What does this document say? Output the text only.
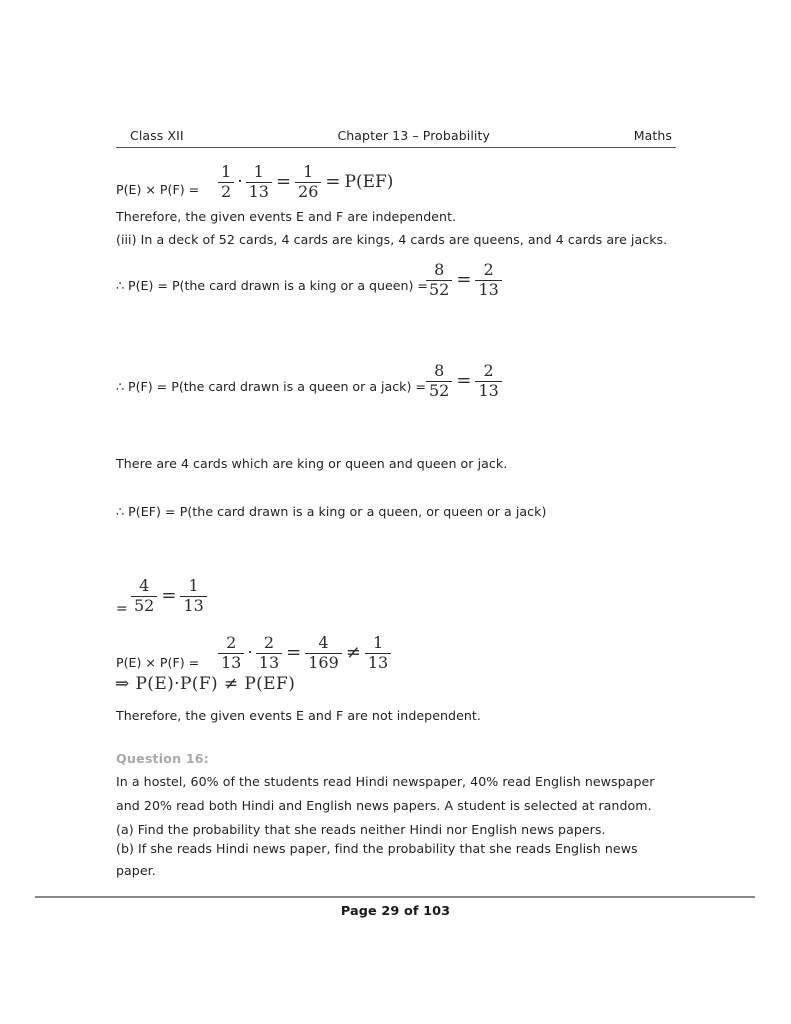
Class XII	Chapter 13 – Probability	Maths
$P(E) \times P(F) = \frac{1}{2} \cdot \frac{1}{13} = \frac{1}{26} = P(EF)$
Therefore, the given events E and F are independent.
(iii) In a deck of 52 cards, 4 cards are kings, 4 cards are queens, and 4 cards are jacks.
∴ P(E) = P(the card drawn is a king or a queen) =
$\frac{8}{52} = \frac{2}{13}$
∴ P(F) = P(the card drawn is a queen or a jack) = $\frac{8}{52} = \frac{2}{13}$
There are 4 cards which are king or queen and queen or jack.
∴ P(EF) = P(the card drawn is a king or a queen, or queen or a jack)
= $\frac{4}{52} = \frac{1}{13}$
$P(E) \times P(F) = \frac{2}{13} \cdot \frac{2}{13} = \frac{4}{169} \ne \frac{1}{13}$
⇒ P(E)·P(F) ≠ P(EF)
Therefore, the given events E and F are not independent.
Question 16:
In a hostel, 60% of the students read Hindi newspaper, 40% read English newspaper
and 20% read both Hindi and English news papers. A student is selected at random.
(a) Find the probability that she reads neither Hindi nor English news papers.
(b) If she reads Hindi news paper, find the probability that she reads English news
paper.
Page 29 of 103
